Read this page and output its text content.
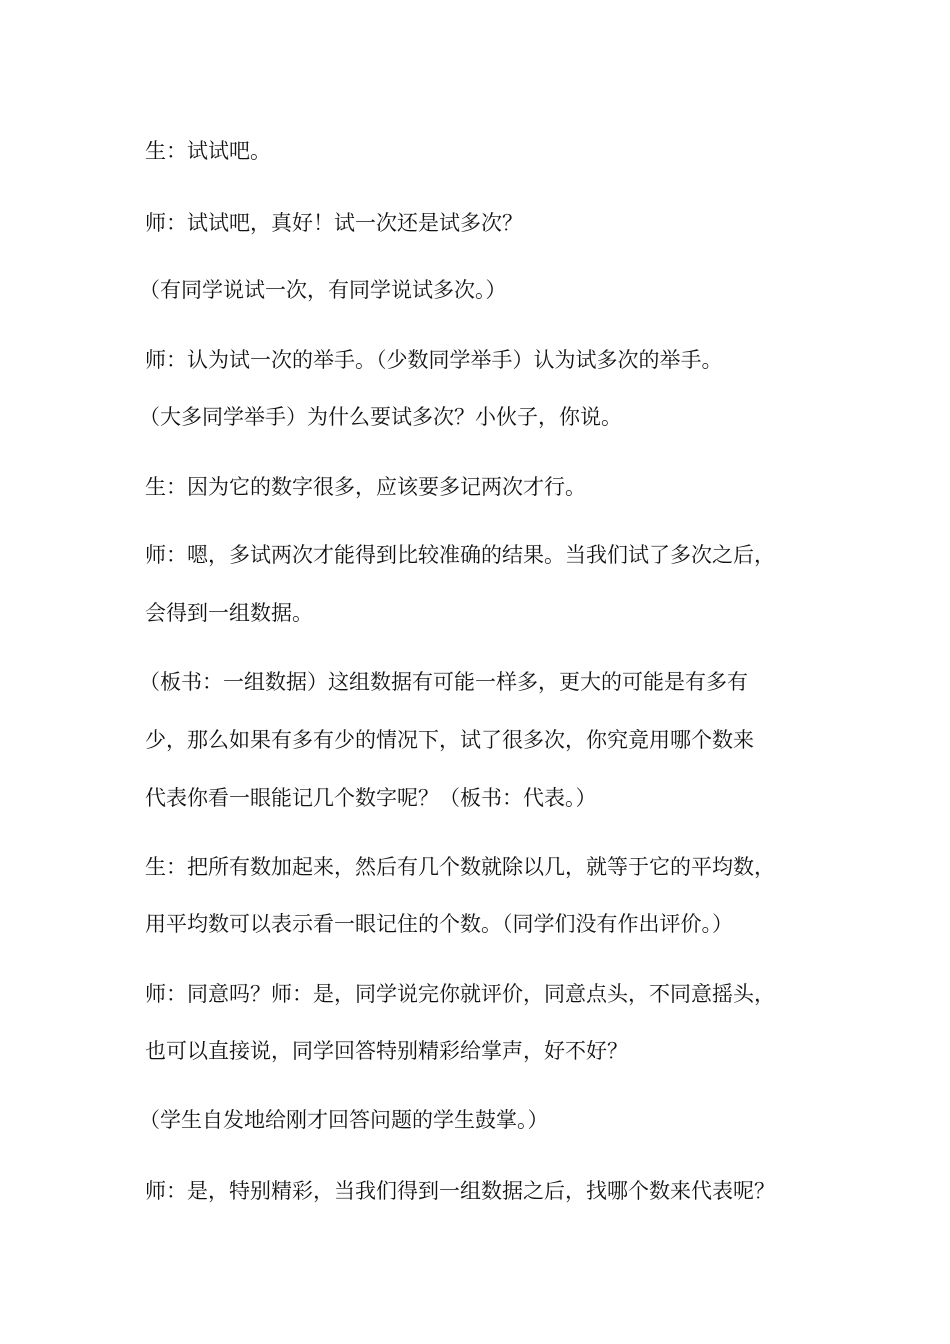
生：试试吧。
师：试试吧，真好！试一次还是试多次？
（有同学说试一次，有同学说试多次。）
师：认为试一次的举手。（少数同学举手）认为试多次的举手。
（大多同学举手）为什么要试多次？小伙子，你说。
生：因为它的数字很多，应该要多记两次才行。
师：嗯，多试两次才能得到比较准确的结果。当我们试了多次之后，
会得到一组数据。
（板书：一组数据）这组数据有可能一样多，更大的可能是有多有
少，那么如果有多有少的情况下，试了很多次，你究竟用哪个数来
代表你看一眼能记几个数字呢？（板书：代表。）
生：把所有数加起来，然后有几个数就除以几，就等于它的平均数，
用平均数可以表示看一眼记住的个数。（同学们没有作出评价。）
师：同意吗？师：是，同学说完你就评价，同意点头，不同意摇头，
也可以直接说，同学回答特别精彩给掌声，好不好？
（学生自发地给刚才回答问题的学生鼓掌。）
师：是，特别精彩，当我们得到一组数据之后，找哪个数来代表呢？
